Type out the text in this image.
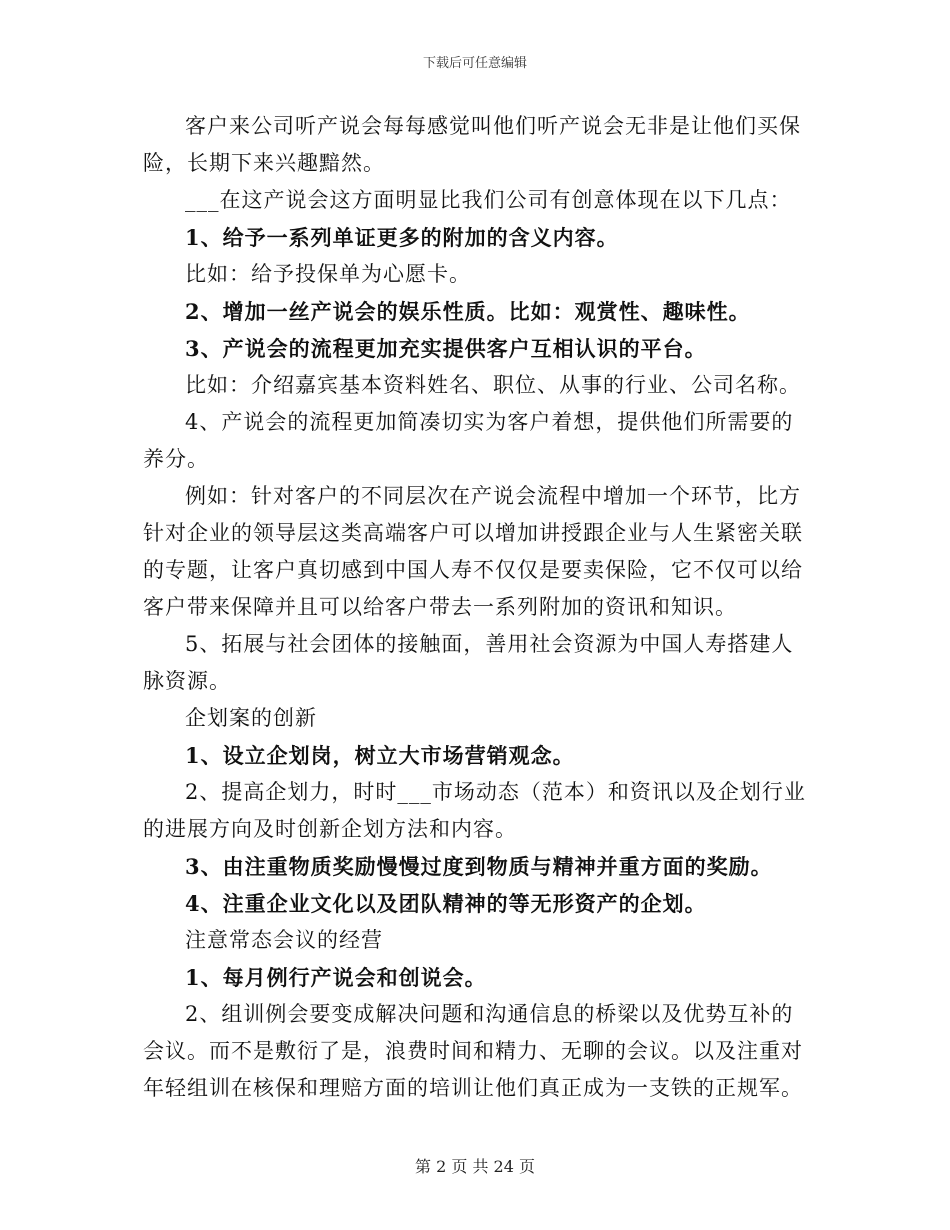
下载后可任意编辑

客户来公司听产说会每每感觉叫他们听产说会无非是让他们买保险，长期下来兴趣黯然。

___在这产说会这方面明显比我们公司有创意体现在以下几点：

1、给予一系列单证更多的附加的含义内容。

比如：给予投保单为心愿卡。

2、增加一丝产说会的娱乐性质。比如：观赏性、趣味性。

3、产说会的流程更加充实提供客户互相认识的平台。

比如：介绍嘉宾基本资料姓名、职位、从事的行业、公司名称。

4、产说会的流程更加简凑切实为客户着想，提供他们所需要的养分。

例如：针对客户的不同层次在产说会流程中增加一个环节，比方针对企业的领导层这类高端客户可以增加讲授跟企业与人生紧密关联的专题，让客户真切感到中国人寿不仅仅是要卖保险，它不仅可以给客户带来保障并且可以给客户带去一系列附加的资讯和知识。

5、拓展与社会团体的接触面，善用社会资源为中国人寿搭建人脉资源。

企划案的创新

1、设立企划岗，树立大市场营销观念。

2、提高企划力，时时___市场动态（范本）和资讯以及企划行业的进展方向及时创新企划方法和内容。

3、由注重物质奖励慢慢过度到物质与精神并重方面的奖励。

4、注重企业文化以及团队精神的等无形资产的企划。

注意常态会议的经营

1、每月例行产说会和创说会。

2、组训例会要变成解决问题和沟通信息的桥梁以及优势互补的会议。而不是敷衍了是，浪费时间和精力、无聊的会议。以及注重对年轻组训在核保和理赔方面的培训让他们真正成为一支铁的正规军。

第 2 页 共 24 页
